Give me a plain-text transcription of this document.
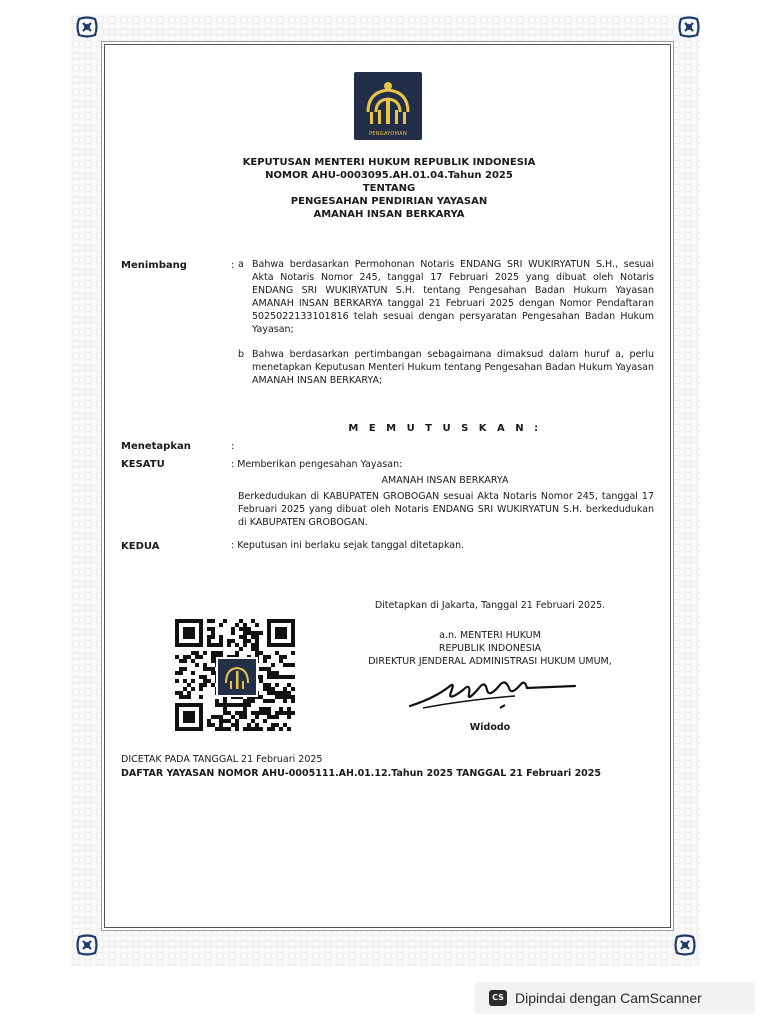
PENGAYOMAN
KEPUTUSAN MENTERI HUKUM REPUBLIK INDONESIA
NOMOR AHU-0003095.AH.01.04.Tahun 2025
TENTANG
PENGESAHAN PENDIRIAN YAYASAN
AMANAH INSAN BERKARYA
Menimbang	: a Bahwa berdasarkan Permohonan Notaris ENDANG SRI WUKIRYATUN S.H., sesuai Akta Notaris Nomor 245, tanggal 17 Februari 2025 yang dibuat oleh Notaris ENDANG SRI WUKIRYATUN S.H. tentang Pengesahan Badan Hukum Yayasan AMANAH INSAN BERKARYA tanggal 21 Februari 2025 dengan Nomor Pendaftaran 5025022133101816 telah sesuai dengan persyaratan Pengesahan Badan Hukum Yayasan;
b Bahwa berdasarkan pertimbangan sebagaimana dimaksud dalam huruf a, perlu menetapkan Keputusan Menteri Hukum tentang Pengesahan Badan Hukum Yayasan AMANAH INSAN BERKARYA;
M E M U T U S K A N :
Menetapkan	:
KESATU	: Memberikan pengesahan Yayasan:
AMANAH INSAN BERKARYA
Berkedudukan di KABUPATEN GROBOGAN sesuai Akta Notaris Nomor 245, tanggal 17 Februari 2025 yang dibuat oleh Notaris ENDANG SRI WUKIRYATUN S.H. berkedudukan di KABUPATEN GROBOGAN.
KEDUA	: Keputusan ini berlaku sejak tanggal ditetapkan.
Ditetapkan di Jakarta, Tanggal 21 Februari 2025.
a.n. MENTERI HUKUM
REPUBLIK INDONESIA
DIREKTUR JENDERAL ADMINISTRASI HUKUM UMUM,
Widodo
DICETAK PADA TANGGAL 21 Februari 2025
DAFTAR YAYASAN NOMOR AHU-0005111.AH.01.12.Tahun 2025 TANGGAL 21 Februari 2025
CS Dipindai dengan CamScanner
